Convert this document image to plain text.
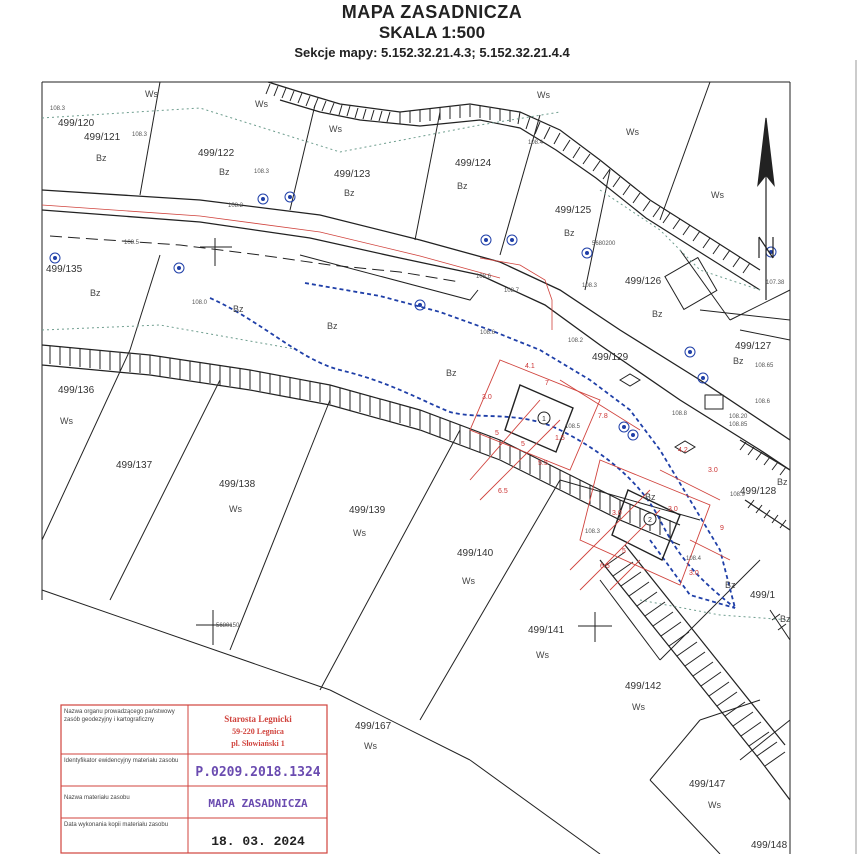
1
2
499/120
499/121
499/122
499/123
499/124
499/125
499/126
499/127
499/128
499/129
499/135
499/136
499/137
499/138
499/139
499/140
499/141
499/142
499/147
499/148
499/167
499/1
Ws
Ws
Ws
Ws
Ws
Ws
Ws
Ws
Ws
Ws
Ws
Ws
Ws
Ws
Bz
Bz
Bz
Bz
Bz
Bz
Bz
Bz
Bz
Bz
Bz
Bz
Bz
Bz
Bz
108.3
108.3
108.3
108.2
108.4
108.5
108.6
108.7
108.3
108.0
108.2
108.6
108.8
108.65
108.9
108.3
108.4
108.20
108.85
107.38
108.5
108.6
5680200
5680150
3.0
4.1
5
7
7.8
1.5
5
5.5
6.5
3.0
4.2
3.0
3.0
6.5
5
3.0
9
MAPA ZASADNICZA
SKALA 1:500
Sekcje mapy: 5.152.32.21.4.3; 5.152.32.21.4.4
Nazwa organu prowadzącego państwowy zasób geodezyjny i kartograficzny	Starosta Legnicki
59-220 Legnica
pl. Słowiański 1
Identyfikator ewidencyjny materiału zasobu
P.0209.2018.1324
Nazwa materiału zasobu	MAPA ZASADNICZA
Data wykonania kopii materiału zasobu
18. 03. 2024
